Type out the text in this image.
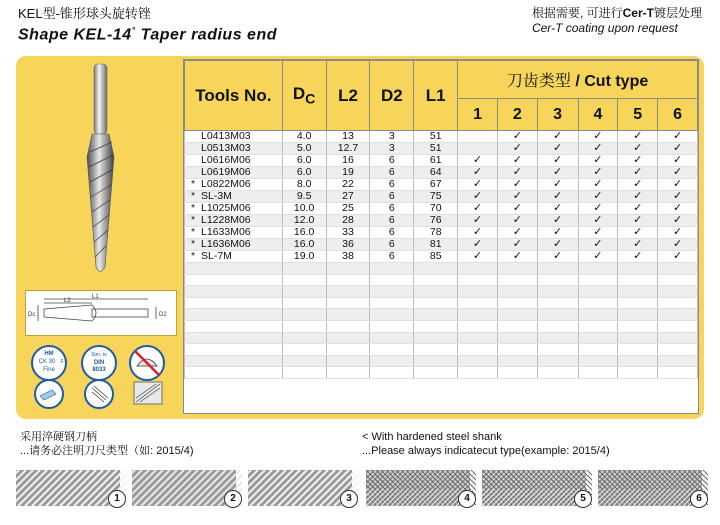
KEL型-锥形球头旋转锉
Shape KEL-14° Taper radius end
根据需要, 可进行Cer-T镀层处理
Cer-T coating upon request
L1
L2
Dc	D2
HM
CK 30 F
Fine
Sim. to
DIN
8033
Tools No.	$D_C$	L2	D2	L1	刀齿类型 / Cut type					
					1	2	3	4	5	6
L0413M03	4.0	13	3	51		✓	✓	✓	✓	✓
L0513M03	5.0	12.7	3	51		✓	✓	✓	✓	✓
L0616M06	6.0	16	6	61	✓	✓	✓	✓	✓	✓
L0619M06	6.0	19	6	64	✓	✓	✓	✓	✓	✓
* L0822M06	8.0	22	6	67	✓	✓	✓	✓	✓	✓
* SL-3M	9.5	27	6	75	✓	✓	✓	✓	✓	✓
* L1025M06	10.0	25	6	70	✓	✓	✓	✓	✓	✓
* L1228M06	12.0	28	6	76	✓	✓	✓	✓	✓	✓
* L1633M06	16.0	33	6	78	✓	✓	✓	✓	✓	✓
* L1636M06	16.0	36	6	81	✓	✓	✓	✓	✓	✓
* SL-7M	19.0	38	6	85	✓	✓	✓	✓	✓	✓

采用淬硬钢刀柄
...请务必注明刀尺类型（如: 2015/4)
< With hardened steel shank
...Please always indicatecut type(example: 2015/4)
1	2	3	4	5	6
